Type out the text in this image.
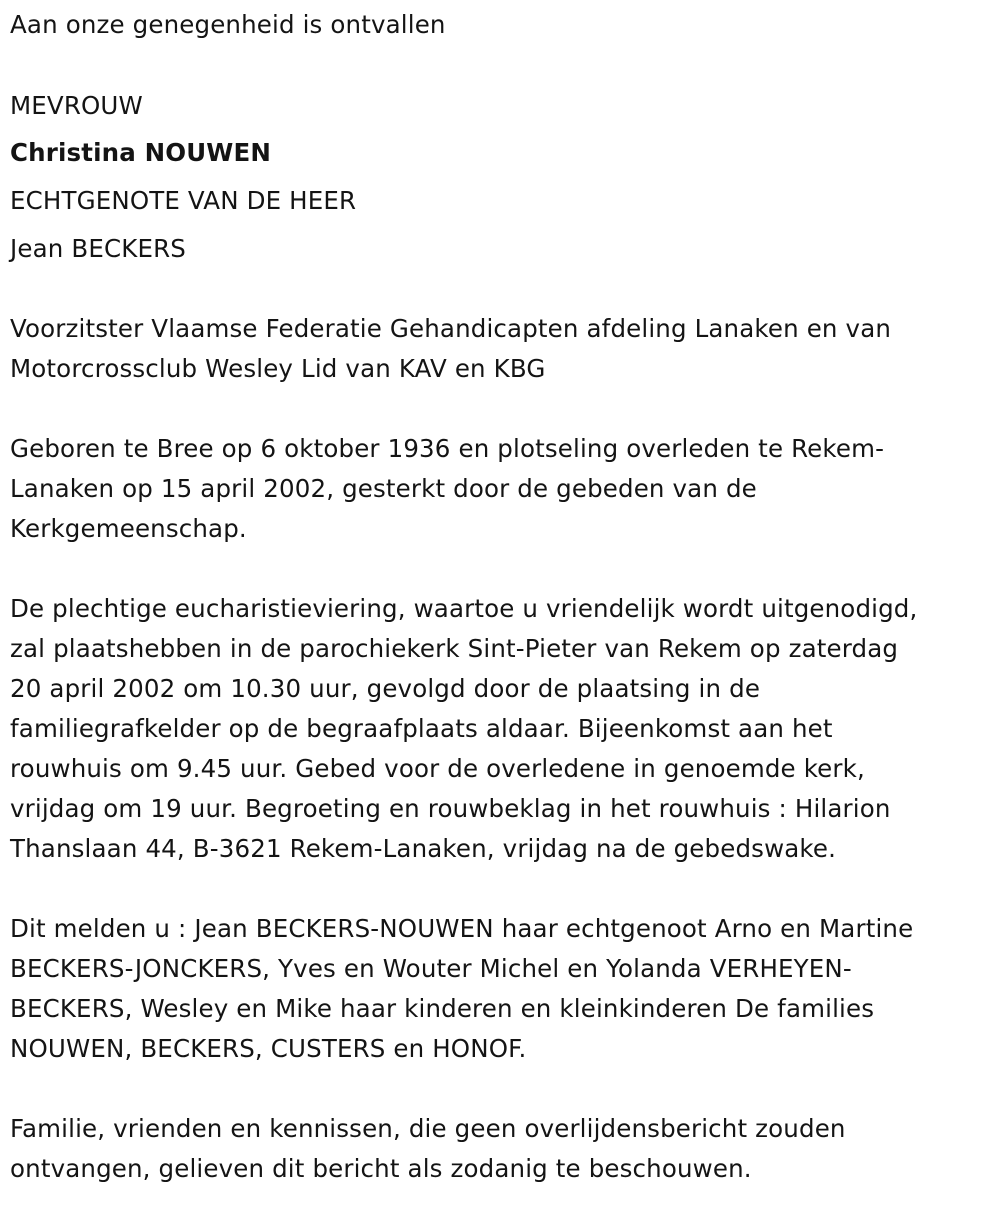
Aan onze genegenheid is ontvallen
MEVROUW
Christina NOUWEN
ECHTGENOTE VAN DE HEER
Jean BECKERS
Voorzitster Vlaamse Federatie Gehandicapten afdeling Lanaken en van
Motorcrossclub Wesley Lid van KAV en KBG
Geboren te Bree op 6 oktober 1936 en plotseling overleden te Rekem-
Lanaken op 15 april 2002, gesterkt door de gebeden van de
Kerkgemeenschap.
De plechtige eucharistieviering, waartoe u vriendelijk wordt uitgenodigd,
zal plaatshebben in de parochiekerk Sint-Pieter van Rekem op zaterdag
20 april 2002 om 10.30 uur, gevolgd door de plaatsing in de
familiegrafkelder op de begraafplaats aldaar. Bijeenkomst aan het
rouwhuis om 9.45 uur. Gebed voor de overledene in genoemde kerk,
vrijdag om 19 uur. Begroeting en rouwbeklag in het rouwhuis : Hilarion
Thanslaan 44, B-3621 Rekem-Lanaken, vrijdag na de gebedswake.
Dit melden u : Jean BECKERS-NOUWEN haar echtgenoot Arno en Martine
BECKERS-JONCKERS, Yves en Wouter Michel en Yolanda VERHEYEN-
BECKERS, Wesley en Mike haar kinderen en kleinkinderen De families
NOUWEN, BECKERS, CUSTERS en HONOF.
Familie, vrienden en kennissen, die geen overlijdensbericht zouden
ontvangen, gelieven dit bericht als zodanig te beschouwen.
